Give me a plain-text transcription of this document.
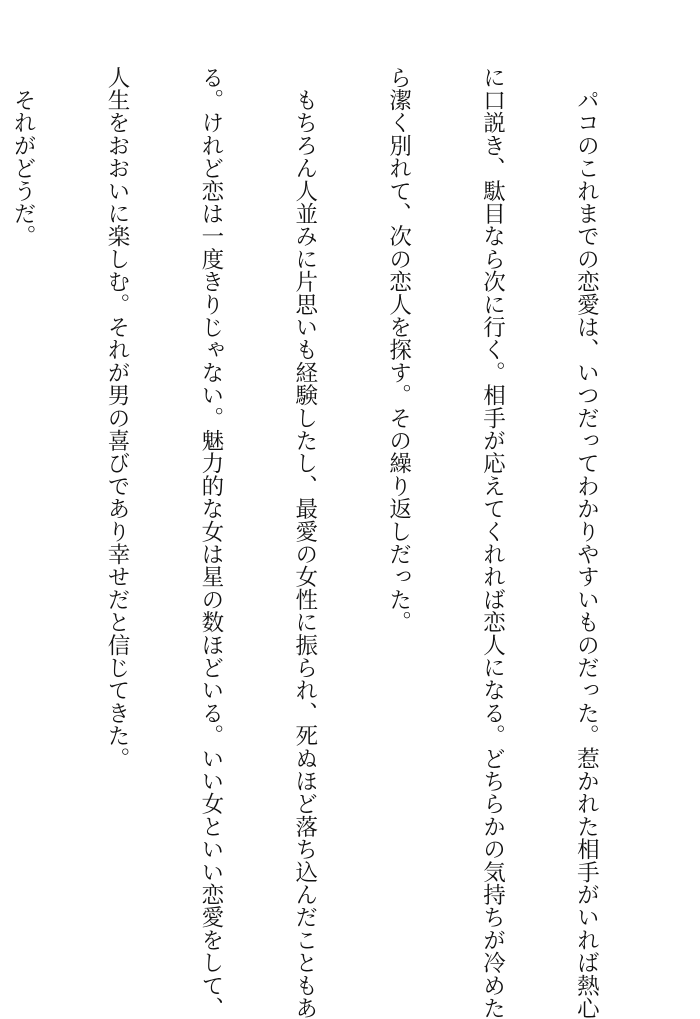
　パコのこれまでの恋愛は、いつだってわかりやすいものだった。惹かれた相手がいれば熱心

に口説き、駄目なら次に行く。相手が応えてくれれば恋人になる。どちらかの気持ちが冷めた

ら潔く別れて、次の恋人を探す。その繰り返しだった。

　もちろん人並みに片思いも経験したし、最愛の女性に振られ、死ぬほど落ち込んだこともあ

る。けれど恋は一度きりじゃない。魅力的な女は星の数ほどいる。いい女といい恋愛をして、

人生をおおいに楽しむ。それが男の喜びであり幸せだと信じてきた。

　それがどうだ。
